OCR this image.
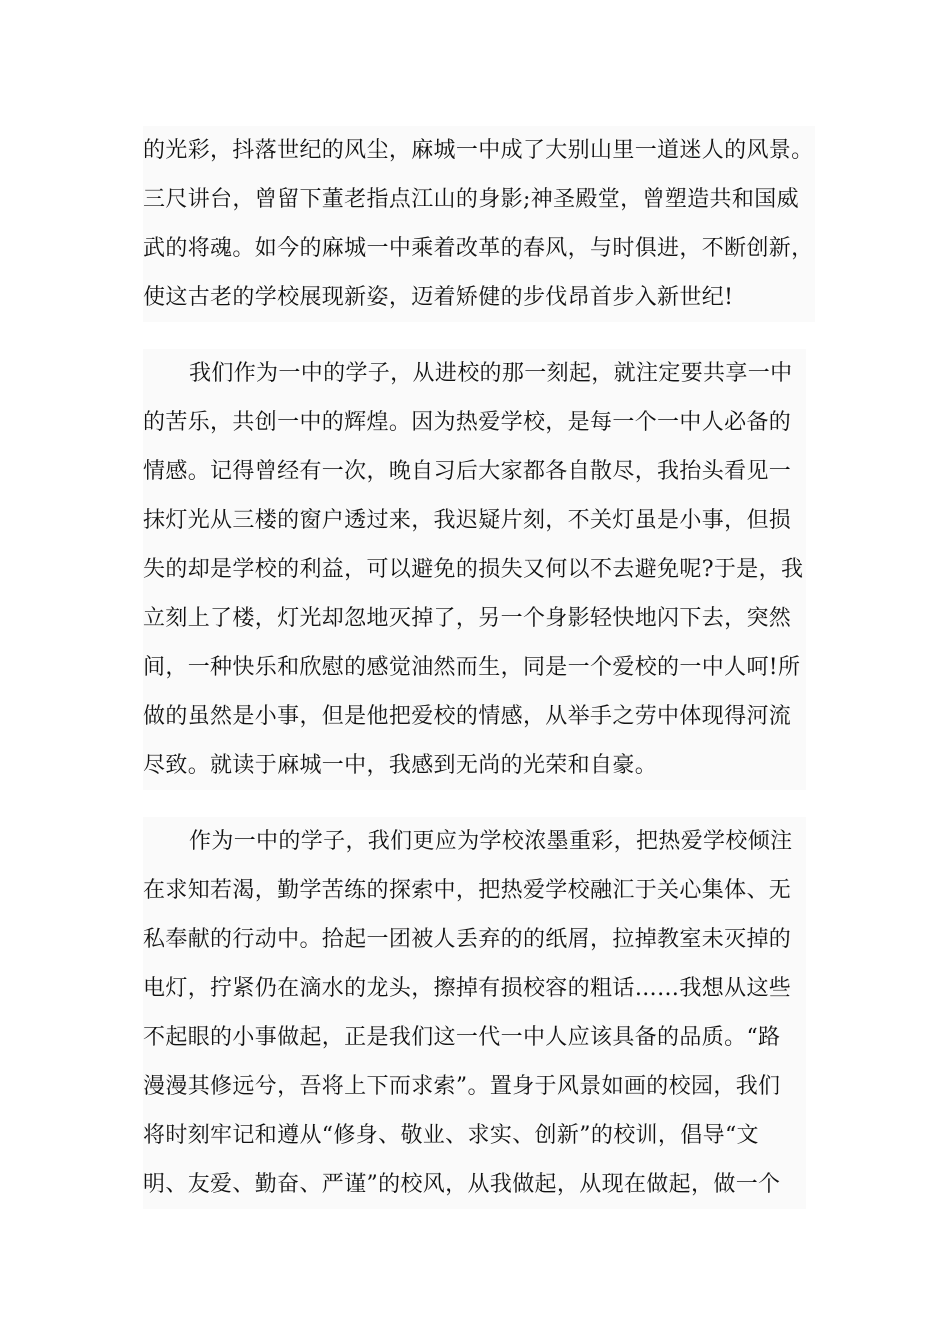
的光彩，抖落世纪的风尘，麻城一中成了大别山里一道迷人的风景。
三尺讲台，曾留下董老指点江山的身影;神圣殿堂，曾塑造共和国威
武的将魂。如今的麻城一中乘着改革的春风，与时俱进，不断创新，
使这古老的学校展现新姿，迈着矫健的步伐昂首步入新世纪!
我们作为一中的学子，从进校的那一刻起，就注定要共享一中
的苦乐，共创一中的辉煌。因为热爱学校，是每一个一中人必备的
情感。记得曾经有一次，晚自习后大家都各自散尽，我抬头看见一
抹灯光从三楼的窗户透过来，我迟疑片刻，不关灯虽是小事，但损
失的却是学校的利益，可以避免的损失又何以不去避免呢?于是，我
立刻上了楼，灯光却忽地灭掉了，另一个身影轻快地闪下去，突然
间，一种快乐和欣慰的感觉油然而生，同是一个爱校的一中人呵!所
做的虽然是小事，但是他把爱校的情感，从举手之劳中体现得河流
尽致。就读于麻城一中，我感到无尚的光荣和自豪。
作为一中的学子，我们更应为学校浓墨重彩，把热爱学校倾注
在求知若渴，勤学苦练的探索中，把热爱学校融汇于关心集体、无
私奉献的行动中。拾起一团被人丢弃的的纸屑，拉掉教室未灭掉的
电灯，拧紧仍在滴水的龙头，擦掉有损校容的粗话……我想从这些
不起眼的小事做起，正是我们这一代一中人应该具备的品质。“路
漫漫其修远兮，吾将上下而求索”。置身于风景如画的校园，我们
将时刻牢记和遵从“修身、敬业、求实、创新”的校训，倡导“文
明、友爱、勤奋、严谨”的校风，从我做起，从现在做起，做一个
